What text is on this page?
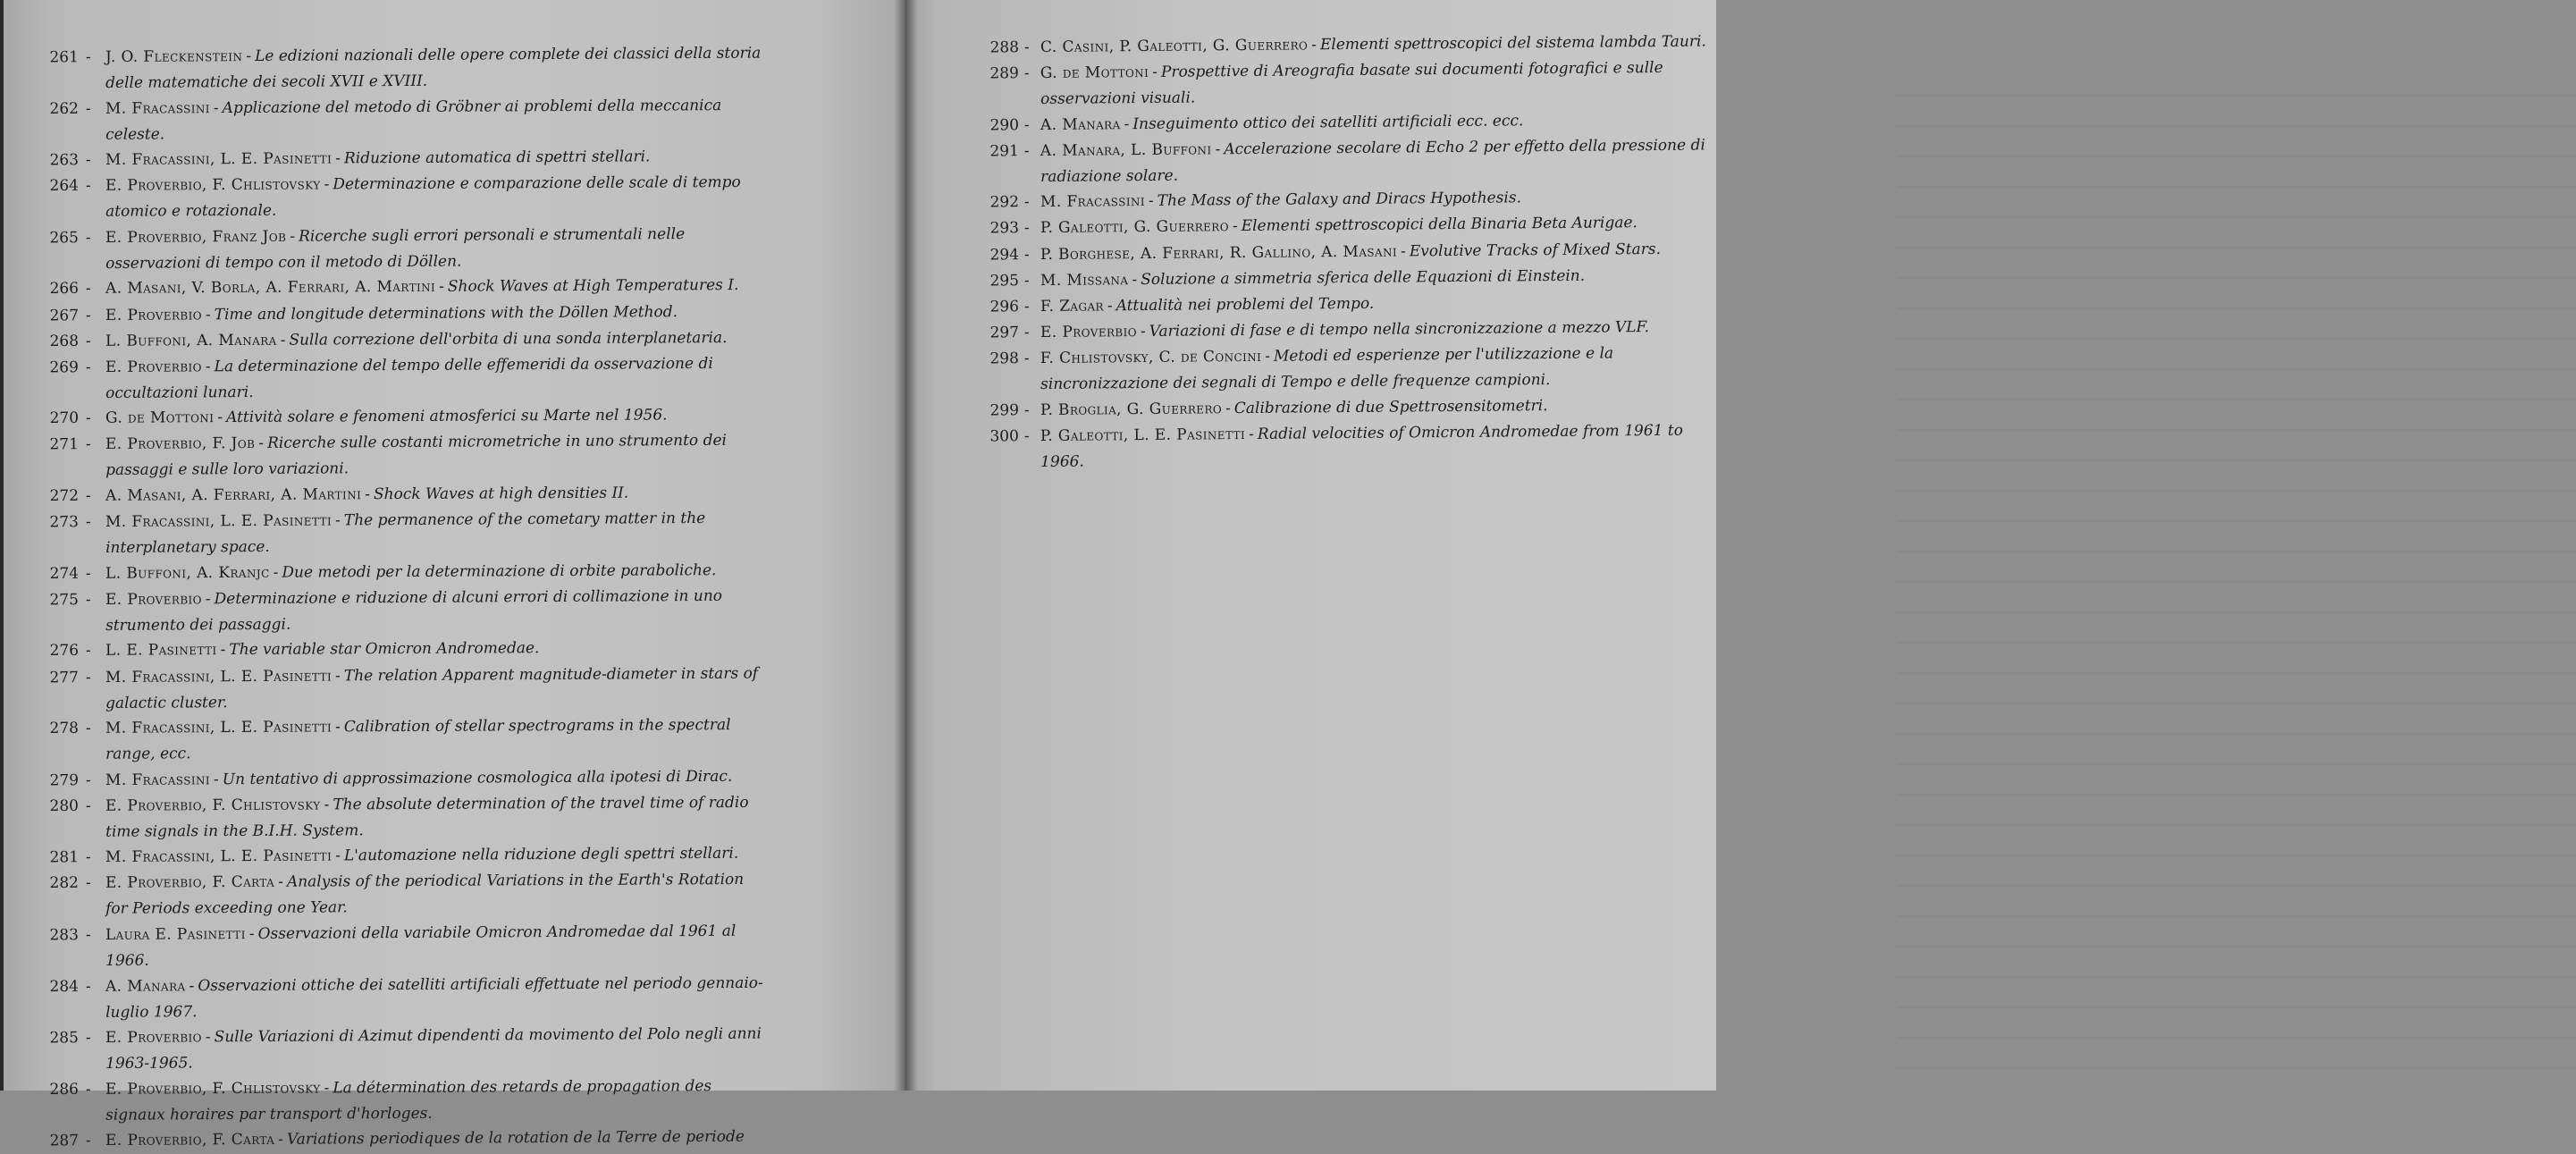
261 - J. O. Fleckenstein - Le edizioni nazionali delle opere complete dei classici della storia delle matematiche dei secoli XVII e XVIII.
262 - M. Fracassini - Applicazione del metodo di Gröbner ai problemi della meccanica celeste.
263 - M. Fracassini, L. E. Pasinetti - Riduzione automatica di spettri stellari.
264 - E. Proverbio, F. Chlistovsky - Determinazione e comparazione delle scale di tempo atomico e rotazionale.
265 - E. Proverbio, Franz Job - Ricerche sugli errori personali e strumentali nelle osservazioni di tempo con il metodo di Döllen.
266 - A. Masani, V. Borla, A. Ferrari, A. Martini - Shock Waves at High Temperatures I.
267 - E. Proverbio - Time and longitude determinations with the Döllen Method.
268 - L. Buffoni, A. Manara - Sulla correzione dell'orbita di una sonda interplanetaria.
269 - E. Proverbio - La determinazione del tempo delle effemeridi da osservazione di occultazioni lunari.
270 - G. de Mottoni - Attività solare e fenomeni atmosferici su Marte nel 1956.
271 - E. Proverbio, F. Job - Ricerche sulle costanti micrometriche in uno strumento dei passaggi e sulle loro variazioni.
272 - A. Masani, A. Ferrari, A. Martini - Shock Waves at high densities II.
273 - M. Fracassini, L. E. Pasinetti - The permanence of the cometary matter in the interplanetary space.
274 - L. Buffoni, A. Kranjc - Due metodi per la determinazione di orbite paraboliche.
275 - E. Proverbio - Determinazione e riduzione di alcuni errori di collimazione in uno strumento dei passaggi.
276 - L. E. Pasinetti - The variable star Omicron Andromedae.
277 - M. Fracassini, L. E. Pasinetti - The relation Apparent magnitude-diameter in stars of galactic cluster.
278 - M. Fracassini, L. E. Pasinetti - Calibration of stellar spectrograms in the spectral range, ecc.
279 - M. Fracassini - Un tentativo di approssimazione cosmologica alla ipotesi di Dirac.
280 - E. Proverbio, F. Chlistovsky - The absolute determination of the travel time of radio time signals in the B.I.H. System.
281 - M. Fracassini, L. E. Pasinetti - L'automazione nella riduzione degli spettri stellari.
282 - E. Proverbio, F. Carta - Analysis of the periodical Variations in the Earth's Rotation for Periods exceeding one Year.
283 - Laura E. Pasinetti - Osservazioni della variabile Omicron Andromedae dal 1961 al 1966.
284 - A. Manara - Osservazioni ottiche dei satelliti artificiali effettuate nel periodo gennaio-luglio 1967.
285 - E. Proverbio - Sulle Variazioni di Azimut dipendenti da movimento del Polo negli anni 1963-1965.
286 - E. Proverbio, F. Chlistovsky - La détermination des retards de propagation des signaux horaires par transport d'horloges.
287 - E. Proverbio, F. Carta - Variations periodiques de la rotation de la Terre de periode
288 - C. Casini, P. Galeotti, G. Guerrero - Elementi spettroscopici del sistema lambda Tauri.
289 - G. de Mottoni - Prospettive di Areografia basate sui documenti fotografici e sulle osservazioni visuali.
290 - A. Manara - Inseguimento ottico dei satelliti artificiali ecc. ecc.
291 - A. Manara, L. Buffoni - Accelerazione secolare di Echo 2 per effetto della pressione di radiazione solare.
292 - M. Fracassini - The Mass of the Galaxy and Diracs Hypothesis.
293 - P. Galeotti, G. Guerrero - Elementi spettroscopici della Binaria Beta Aurigae.
294 - P. Borghese, A. Ferrari, R. Gallino, A. Masani - Evolutive Tracks of Mixed Stars.
295 - M. Missana - Soluzione a simmetria sferica delle Equazioni di Einstein.
296 - F. Zagar - Attualità nei problemi del Tempo.
297 - E. Proverbio - Variazioni di fase e di tempo nella sincronizzazione a mezzo VLF.
298 - F. Chlistovsky, C. de Concini - Metodi ed esperienze per l'utilizzazione e la sincronizzazione dei segnali di Tempo e delle frequenze campioni.
299 - P. Broglia, G. Guerrero - Calibrazione di due Spettrosensitometri.
300 - P. Galeotti, L. E. Pasinetti - Radial velocities of Omicron Andromedae from 1961 to 1966.
